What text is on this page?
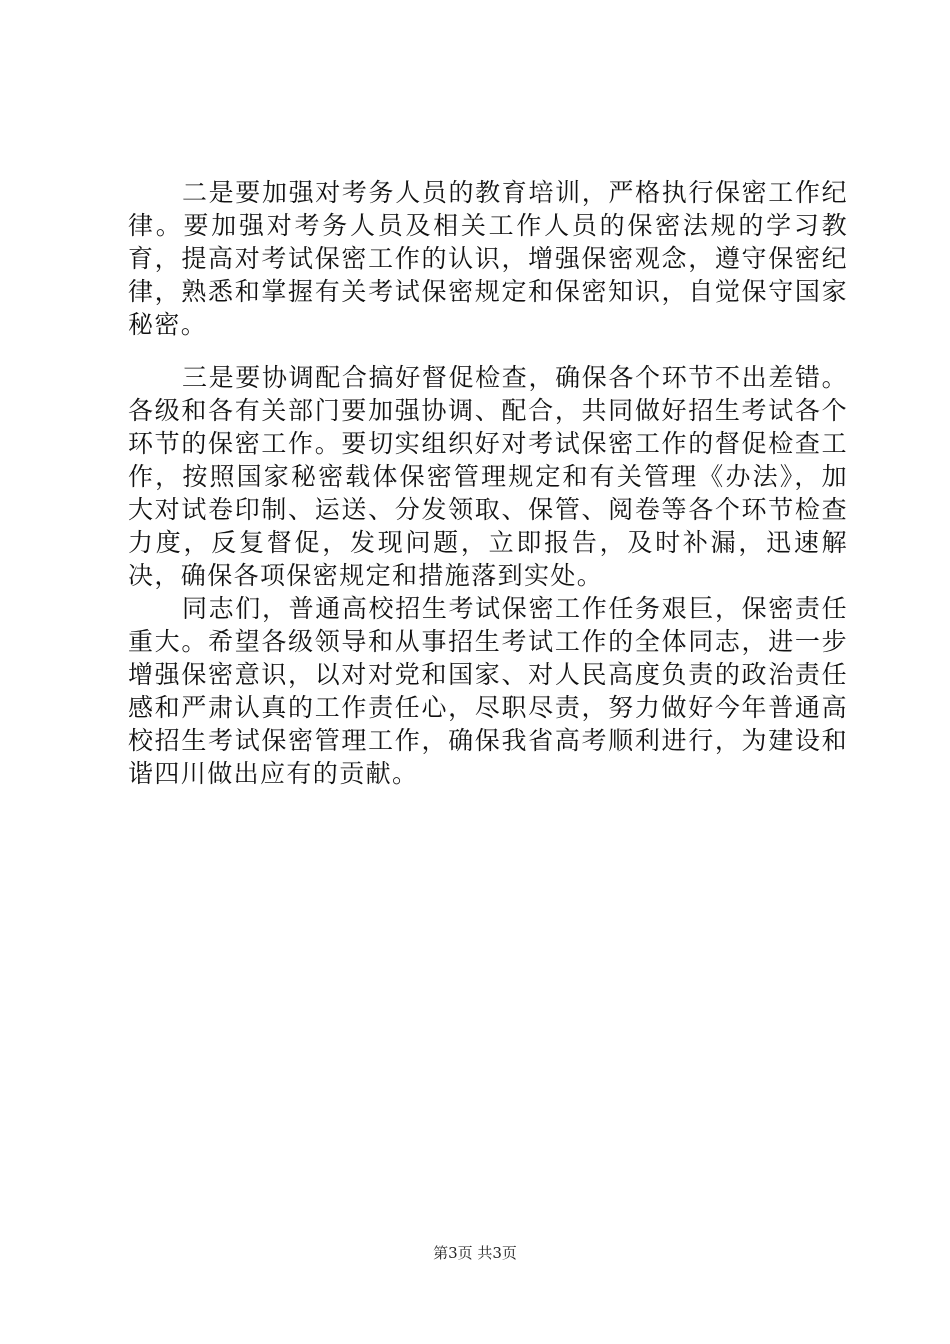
二是要加强对考务人员的教育培训，严格执行保密工作纪律。要加强对考务人员及相关工作人员的保密法规的学习教育，提高对考试保密工作的认识，增强保密观念，遵守保密纪律，熟悉和掌握有关考试保密规定和保密知识，自觉保守国家秘密。

三是要协调配合搞好督促检查，确保各个环节不出差错。各级和各有关部门要加强协调、配合，共同做好招生考试各个环节的保密工作。要切实组织好对考试保密工作的督促检查工作，按照国家秘密载体保密管理规定和有关管理《办法》，加大对试卷印制、运送、分发领取、保管、阅卷等各个环节检查力度，反复督促，发现问题，立即报告，及时补漏，迅速解决，确保各项保密规定和措施落到实处。

同志们，普通高校招生考试保密工作任务艰巨，保密责任重大。希望各级领导和从事招生考试工作的全体同志，进一步增强保密意识，以对对党和国家、对人民高度负责的政治责任感和严肃认真的工作责任心，尽职尽责，努力做好今年普通高校招生考试保密管理工作，确保我省高考顺利进行，为建设和谐四川做出应有的贡献。

第3页 共3页
